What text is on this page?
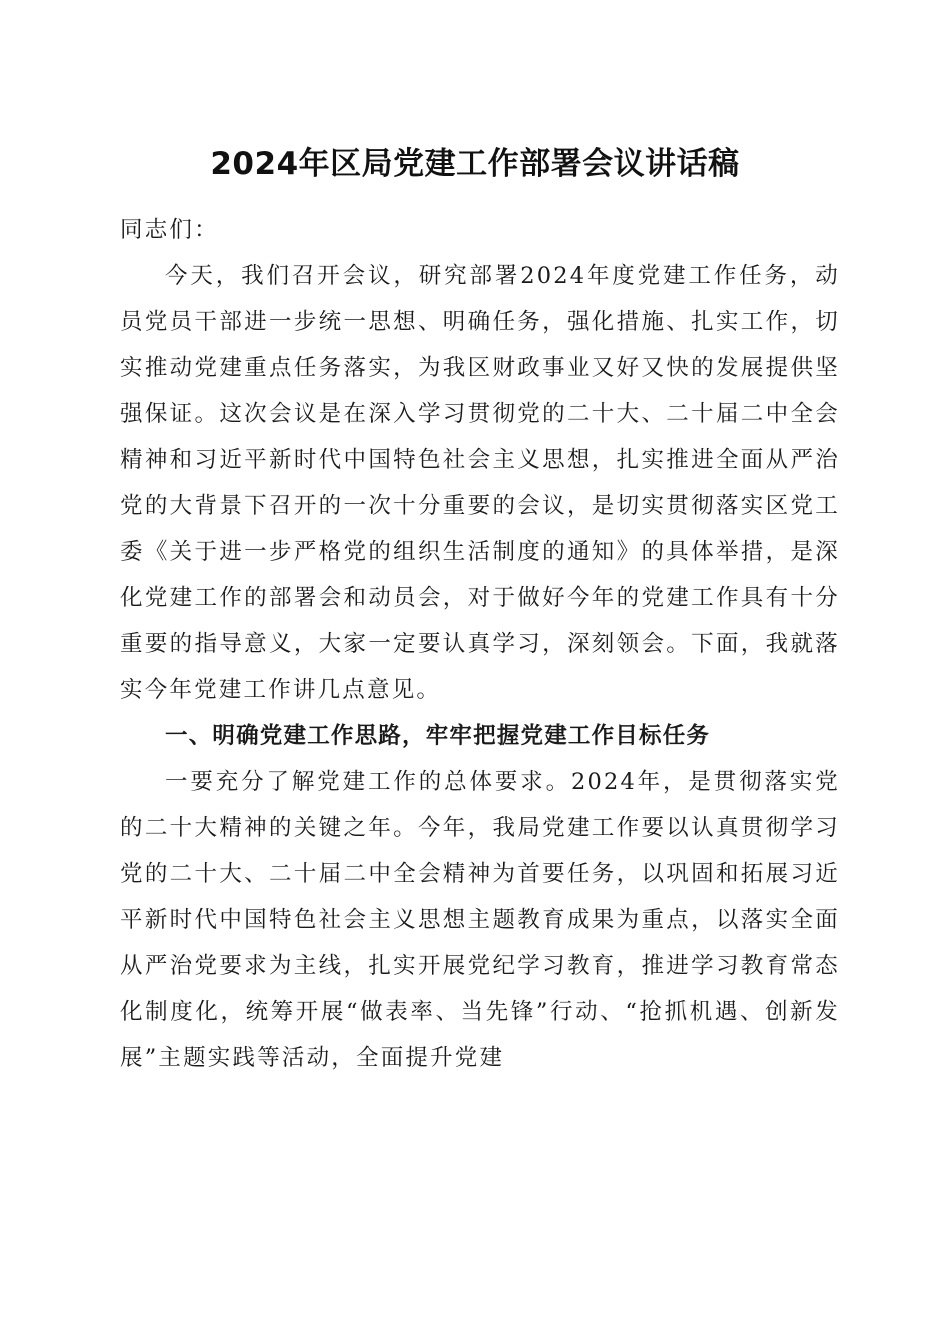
2024年区局党建工作部署会议讲话稿

同志们：

今天，我们召开会议，研究部署2024年度党建工作任务，动员党员干部进一步统一思想、明确任务，强化措施、扎实工作，切实推动党建重点任务落实，为我区财政事业又好又快的发展提供坚强保证。这次会议是在深入学习贯彻党的二十大、二十届二中全会精神和习近平新时代中国特色社会主义思想，扎实推进全面从严治党的大背景下召开的一次十分重要的会议，是切实贯彻落实区党工委《关于进一步严格党的组织生活制度的通知》的具体举措，是深化党建工作的部署会和动员会，对于做好今年的党建工作具有十分重要的指导意义，大家一定要认真学习，深刻领会。下面，我就落实今年党建工作讲几点意见。

一、明确党建工作思路，牢牢把握党建工作目标任务

一要充分了解党建工作的总体要求。2024年，是贯彻落实党的二十大精神的关键之年。今年，我局党建工作要以认真贯彻学习党的二十大、二十届二中全会精神为首要任务，以巩固和拓展习近平新时代中国特色社会主义思想主题教育成果为重点，以落实全面从严治党要求为主线，扎实开展党纪学习教育，推进学习教育常态化制度化，统筹开展“做表率、当先锋”行动、“抢抓机遇、创新发展”主题实践等活动，全面提升党建
